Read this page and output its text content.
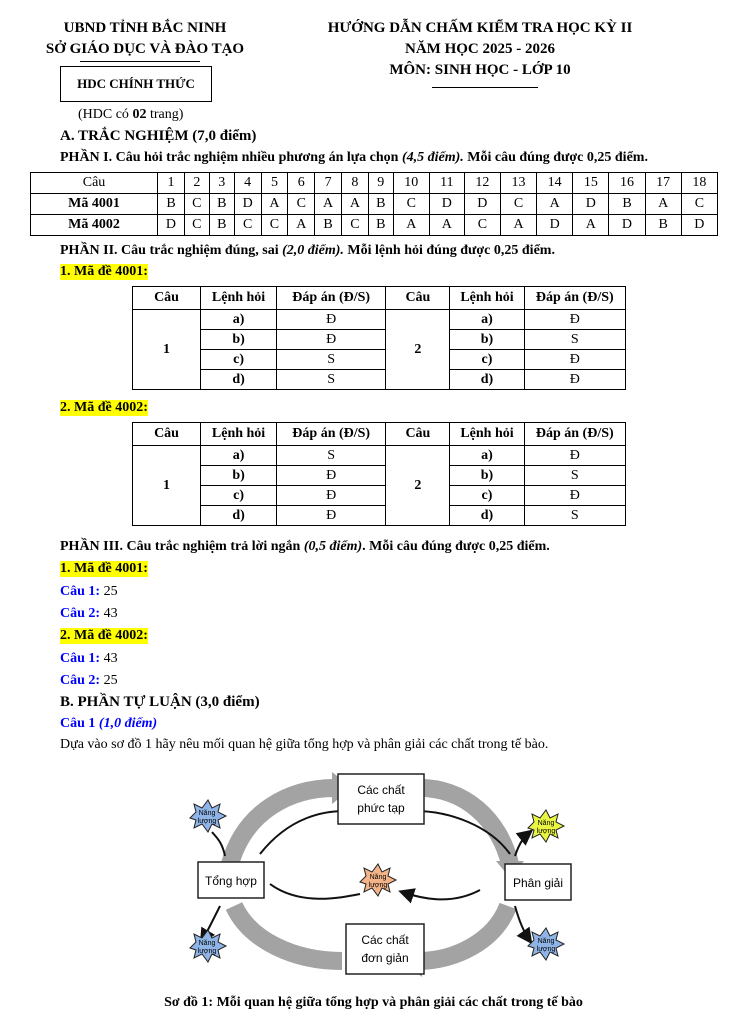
UBND TỈNH BẮC NINH
SỞ GIÁO DỤC VÀ ĐÀO TẠO
HDC CHÍNH THỨC
(HDC có 02 trang)
HƯỚNG DẪN CHẤM KIỂM TRA HỌC KỲ II
NĂM HỌC 2025 - 2026
MÔN: SINH HỌC - LỚP 10
A. TRẮC NGHIỆM (7,0 điểm)
PHẦN I. Câu hỏi trắc nghiệm nhiều phương án lựa chọn (4,5 điểm). Mỗi câu đúng được 0,25 điểm.
Câu	1	2	3	4	5	6	7	8	9	10	11	12	13	14	15	16	17	18
Mã 4001	B	C	B	D	A	C	A	A	B	C	D	D	C	A	D	B	A	C
Mã 4002	D	C	B	C	C	A	B	C	B	A	A	C	A	D	A	D	B	D
PHẦN II. Câu trắc nghiệm đúng, sai (2,0 điểm). Mỗi lệnh hỏi đúng được 0,25 điểm.
1. Mã đề 4001:
Câu	Lệnh hỏi	Đáp án (Đ/S)	Câu	Lệnh hỏi	Đáp án (Đ/S)
1	a)	Đ	2	a)	Đ
	b)	Đ		b)	S
	c)	S		c)	Đ
	d)	S		d)	Đ
2. Mã đề 4002:
Câu	Lệnh hỏi	Đáp án (Đ/S)	Câu	Lệnh hỏi	Đáp án (Đ/S)
1	a)	S	2	a)	Đ
	b)	Đ		b)	S
	c)	Đ		c)	Đ
	d)	Đ		d)	S
PHẦN III. Câu trắc nghiệm trả lời ngắn (0,5 điểm). Mỗi câu đúng được 0,25 điểm.
1. Mã đề 4001:
Câu 1: 25
Câu 2: 43
2. Mã đề 4002:
Câu 1: 43
Câu 2: 25
B. PHẦN TỰ LUẬN (3,0 điểm)
Câu 1 (1,0 điểm)
Dựa vào sơ đồ 1 hãy nêu mối quan hệ giữa tổng hợp và phân giải các chất trong tế bào.
Các chất
phức tạp
Các chất
đơn giản
Tổng hợp	Phân giải
Năng
lượng
Năng
lượng
Năng
lượng
Năng
lượng
Năng
lượng
Sơ đồ 1: Mỗi quan hệ giữa tổng hợp và phân giải các chất trong tế bào
